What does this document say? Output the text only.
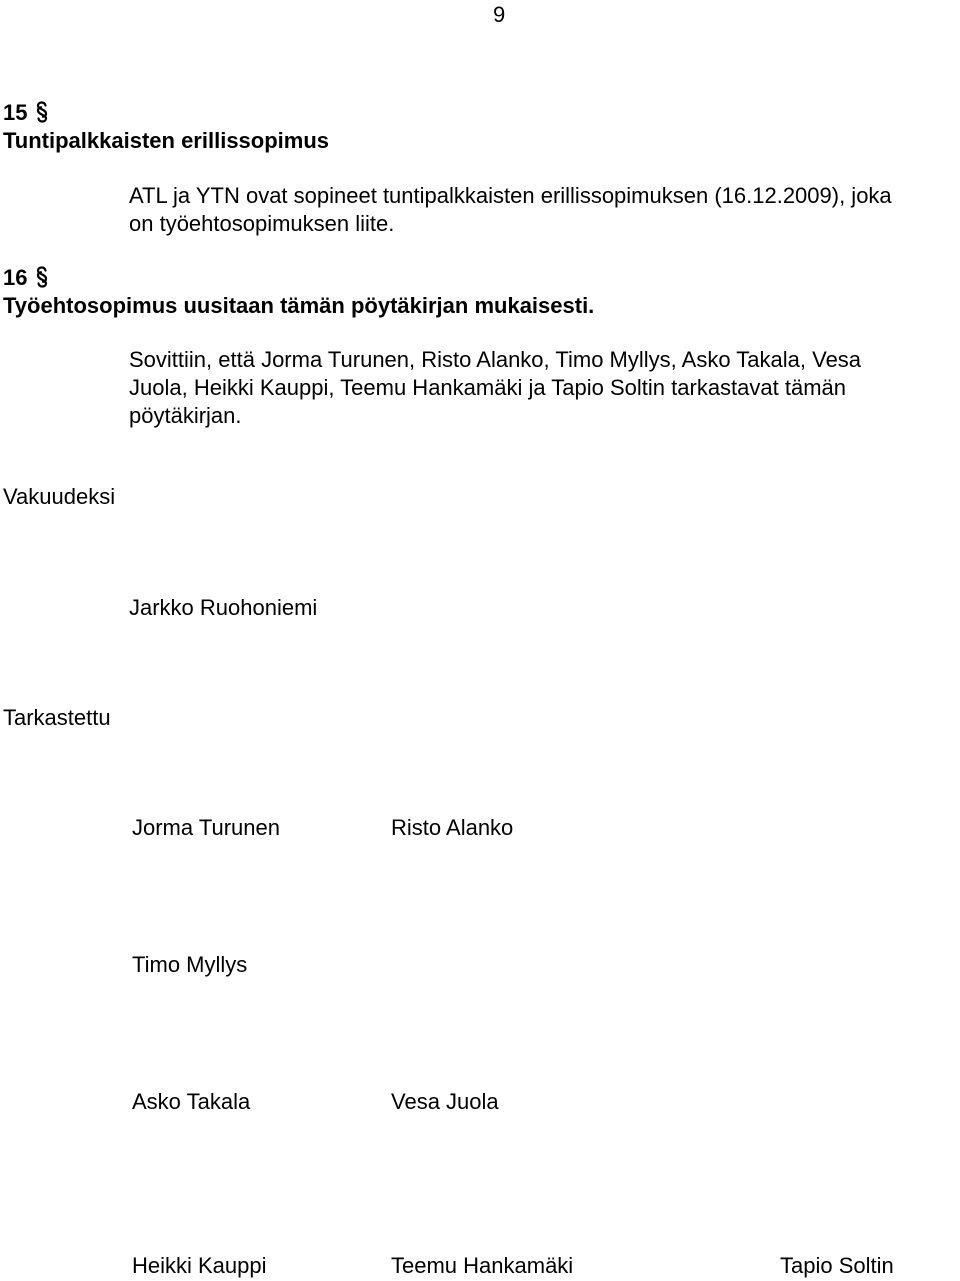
9
15
Tuntipalkkaisten erillissopimus
ATL ja YTN ovat sopineet tuntipalkkaisten erillissopimuksen (16.12.2009), joka
on työehtosopimuksen liite.
16
Työehtosopimus uusitaan tämän pöytäkirjan mukaisesti.
Sovittiin, että Jorma Turunen, Risto Alanko, Timo Myllys, Asko Takala, Vesa
Juola, Heikki Kauppi, Teemu Hankamäki ja Tapio Soltin tarkastavat tämän
pöytäkirjan.
Vakuudeksi
Jarkko Ruohoniemi
Tarkastettu
Jorma Turunen	Risto Alanko
Timo Myllys
Asko Takala	Vesa Juola
Heikki Kauppi	Teemu Hankamäki	Tapio Soltin
